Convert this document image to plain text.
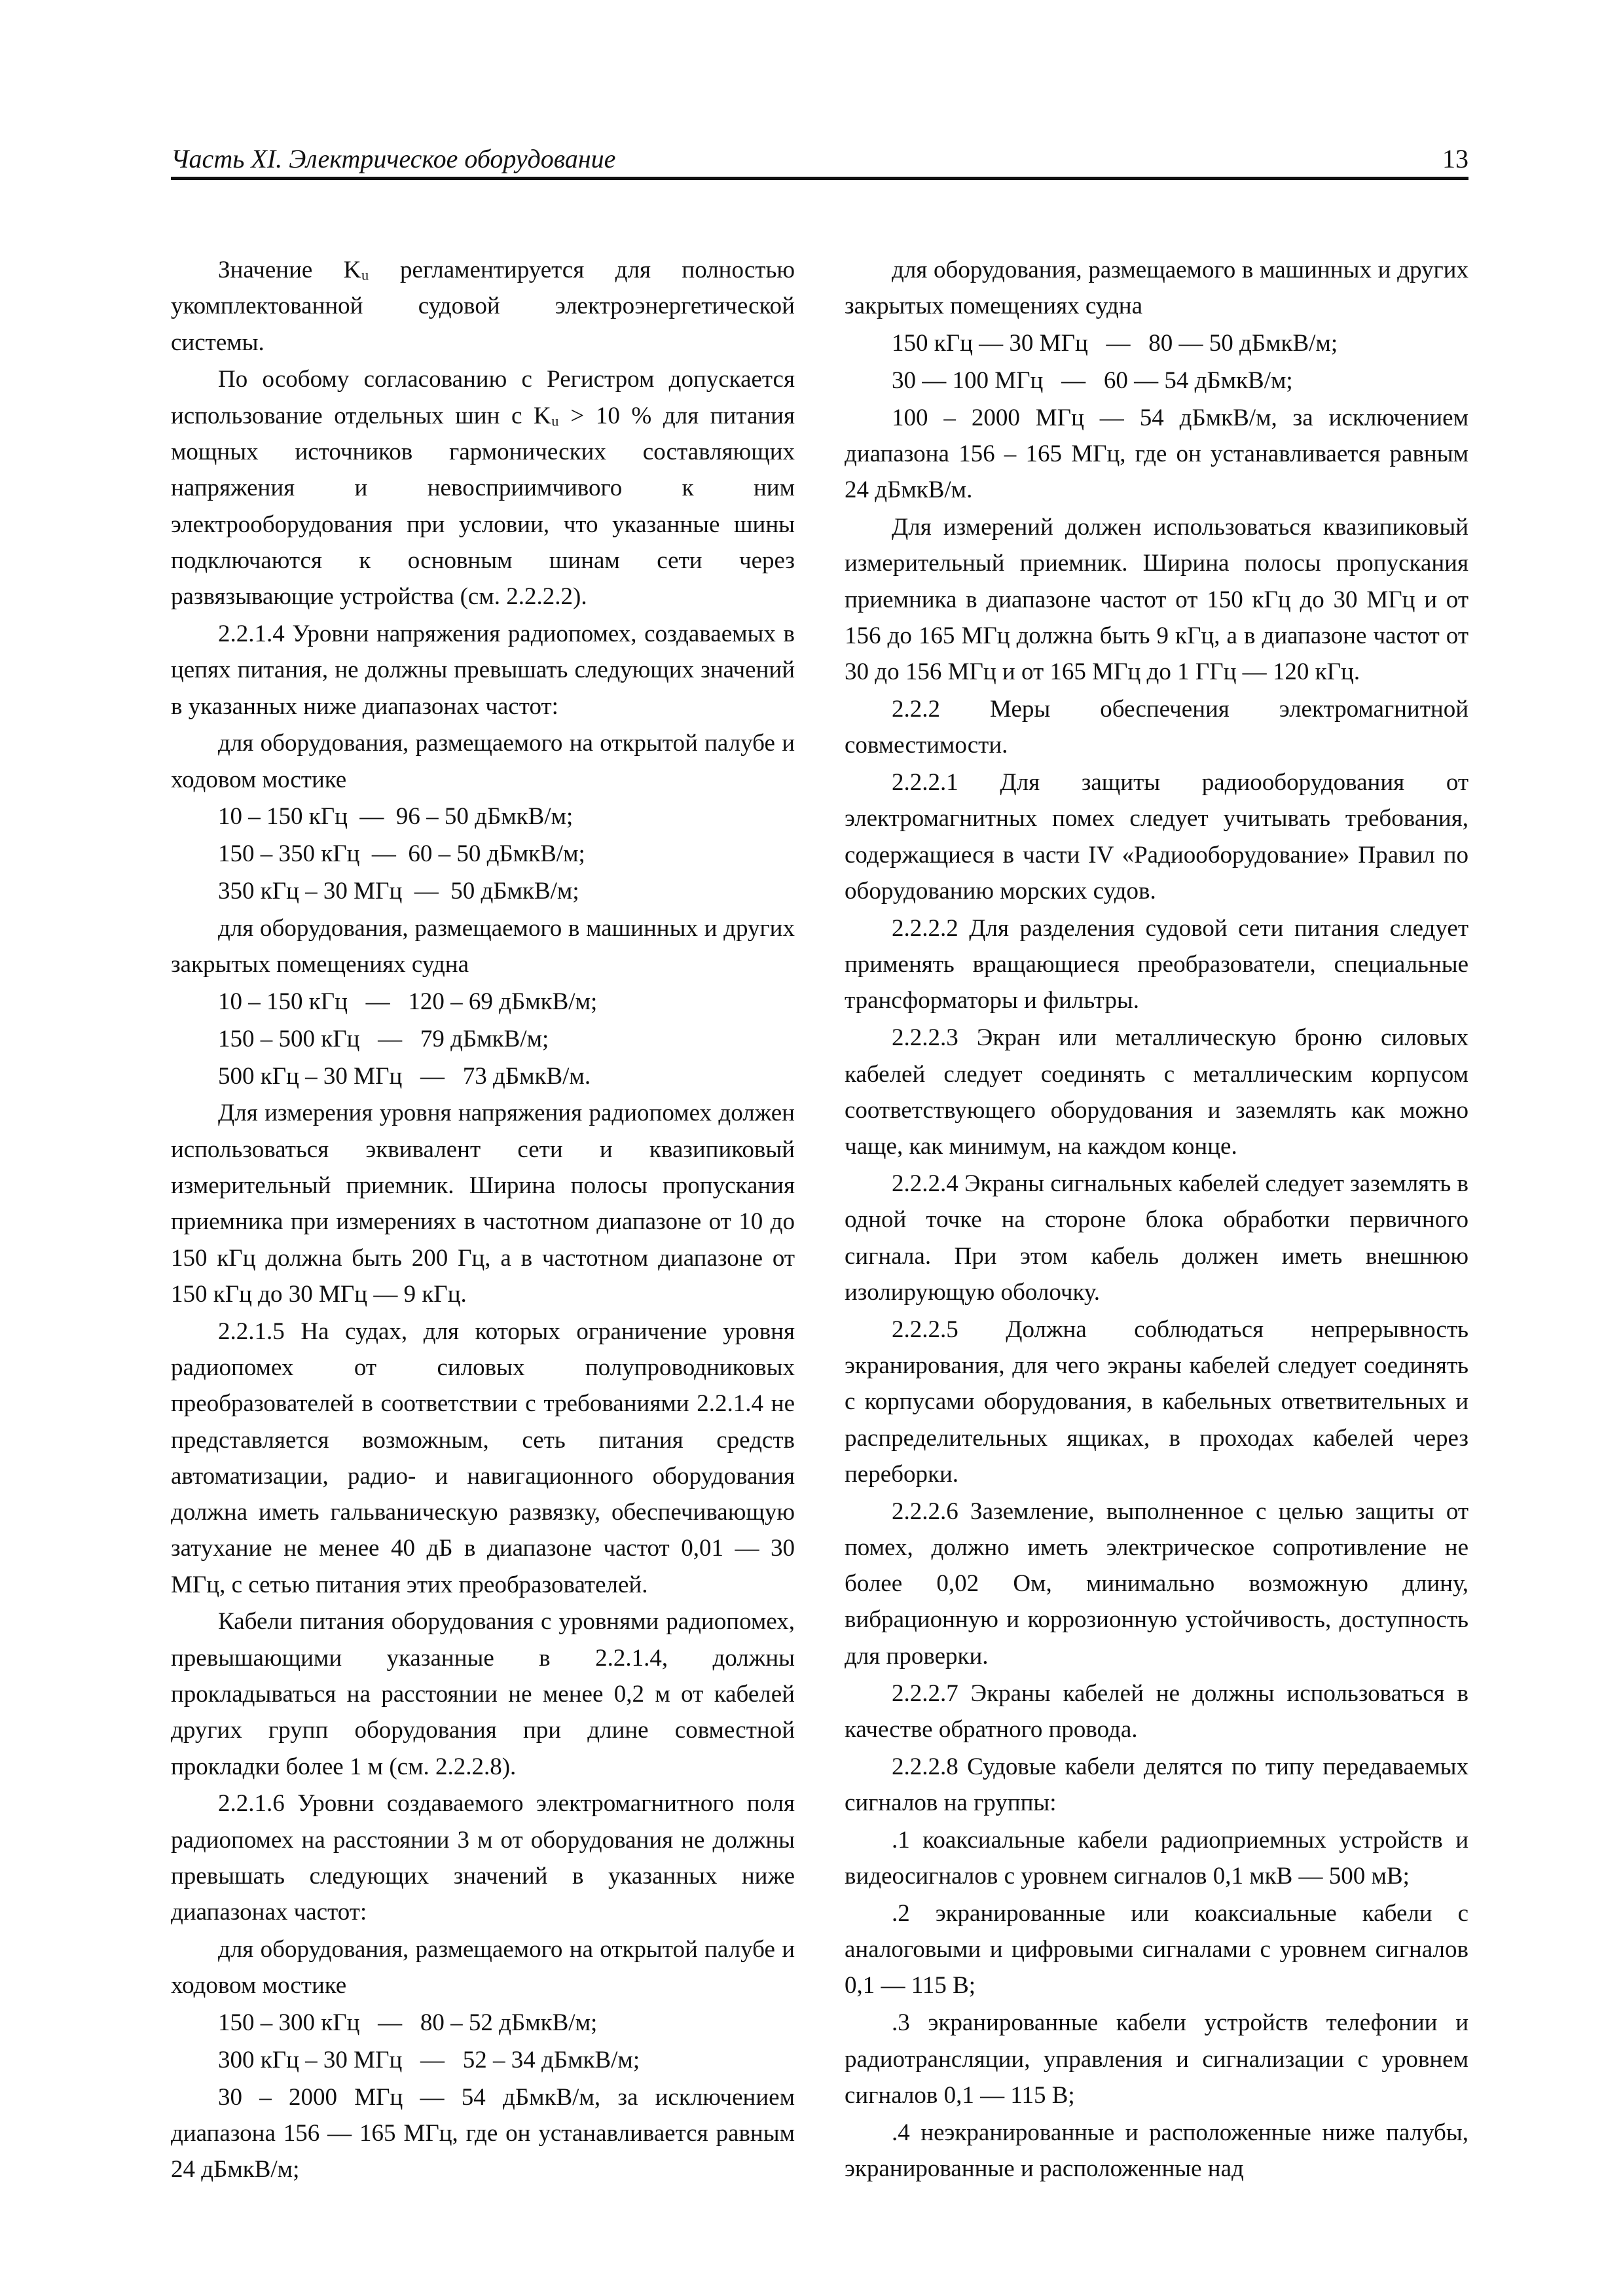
Часть XI. Электрическое оборудование	13

Значение Kᵤ регламентируется для полностью укомплектованной судовой электроэнергетической системы.

По особому согласованию с Регистром допускается использование отдельных шин с Kᵤ > 10 % для питания мощных источников гармонических составляющих напряжения и невосприимчивого к ним электрооборудования при условии, что указанные шины подключаются к основным шинам сети через развязывающие устройства (см. 2.2.2.2).

2.2.1.4 Уровни напряжения радиопомех, создаваемых в цепях питания, не должны превышать следующих значений в указанных ниже диапазонах частот:

для оборудования, размещаемого на открытой палубе и ходовом мостике

10 – 150 кГц  —  96 – 50 дБмкВ/м;

150 – 350 кГц  —  60 – 50 дБмкВ/м;

350 кГц – 30 МГц  —  50 дБмкВ/м;

для оборудования, размещаемого в машинных и других закрытых помещениях судна

10 – 150 кГц   —   120 – 69 дБмкВ/м;

150 – 500 кГц   —   79 дБмкВ/м;

500 кГц – 30 МГц   —   73 дБмкВ/м.

Для измерения уровня напряжения радиопомех должен использоваться эквивалент сети и квазипиковый измерительный приемник. Ширина полосы пропускания приемника при измерениях в частотном диапазоне от 10 до 150 кГц должна быть 200 Гц, а в частотном диапазоне от 150 кГц до 30 МГц — 9 кГц.

2.2.1.5 На судах, для которых ограничение уровня радиопомех от силовых полупроводниковых преобразователей в соответствии с требованиями 2.2.1.4 не представляется возможным, сеть питания средств автоматизации, радио- и навигационного оборудования должна иметь гальваническую развязку, обеспечивающую затухание не менее 40 дБ в диапазоне частот 0,01 — 30 МГц, с сетью питания этих преобразователей.

Кабели питания оборудования с уровнями радиопомех, превышающими указанные в 2.2.1.4, должны прокладываться на расстоянии не менее 0,2 м от кабелей других групп оборудования при длине совместной прокладки более 1 м (см. 2.2.2.8).

2.2.1.6 Уровни создаваемого электромагнитного поля радиопомех на расстоянии 3 м от оборудования не должны превышать следующих значений в указанных ниже диапазонах частот:

для оборудования, размещаемого на открытой палубе и ходовом мостике

150 – 300 кГц   —   80 – 52 дБмкВ/м;

300 кГц – 30 МГц   —   52 – 34 дБмкВ/м;

30 – 2000 МГц — 54 дБмкВ/м, за исключением диапазона 156 — 165 МГц, где он устанавливается равным 24 дБмкВ/м;

для оборудования, размещаемого в машинных и других закрытых помещениях судна

150 кГц — 30 МГц   —   80 — 50 дБмкВ/м;

30 — 100 МГц   —   60 — 54 дБмкВ/м;

100 – 2000 МГц — 54 дБмкВ/м, за исключением диапазона 156 – 165 МГц, где он устанавливается равным 24 дБмкВ/м.

Для измерений должен использоваться квазипиковый измерительный приемник. Ширина полосы пропускания приемника в диапазоне частот от 150 кГц до 30 МГц и от 156 до 165 МГц должна быть 9 кГц, а в диапазоне частот от 30 до 156 МГц и от 165 МГц до 1 ГГц — 120 кГц.

2.2.2 Меры обеспечения электромагнитной совместимости.

2.2.2.1 Для защиты радиооборудования от электромагнитных помех следует учитывать требования, содержащиеся в части IV «Радиооборудование» Правил по оборудованию морских судов.

2.2.2.2 Для разделения судовой сети питания следует применять вращающиеся преобразователи, специальные трансформаторы и фильтры.

2.2.2.3 Экран или металлическую броню силовых кабелей следует соединять с металлическим корпусом соответствующего оборудования и заземлять как можно чаще, как минимум, на каждом конце.

2.2.2.4 Экраны сигнальных кабелей следует заземлять в одной точке на стороне блока обработки первичного сигнала. При этом кабель должен иметь внешнюю изолирующую оболочку.

2.2.2.5 Должна соблюдаться непрерывность экранирования, для чего экраны кабелей следует соединять с корпусами оборудования, в кабельных ответвительных и распределительных ящиках, в проходах кабелей через переборки.

2.2.2.6 Заземление, выполненное с целью защиты от помех, должно иметь электрическое сопротивление не более 0,02 Ом, минимально возможную длину, вибрационную и коррозионную устойчивость, доступность для проверки.

2.2.2.7 Экраны кабелей не должны использоваться в качестве обратного провода.

2.2.2.8 Судовые кабели делятся по типу передаваемых сигналов на группы:

.1 коаксиальные кабели радиоприемных устройств и видеосигналов с уровнем сигналов 0,1 мкВ — 500 мВ;

.2 экранированные или коаксиальные кабели с аналоговыми и цифровыми сигналами с уровнем сигналов 0,1 — 115 В;

.3 экранированные кабели устройств телефонии и радиотрансляции, управления и сигнализации с уровнем сигналов 0,1 — 115 В;

.4 неэкранированные и расположенные ниже палубы, экранированные и расположенные над
